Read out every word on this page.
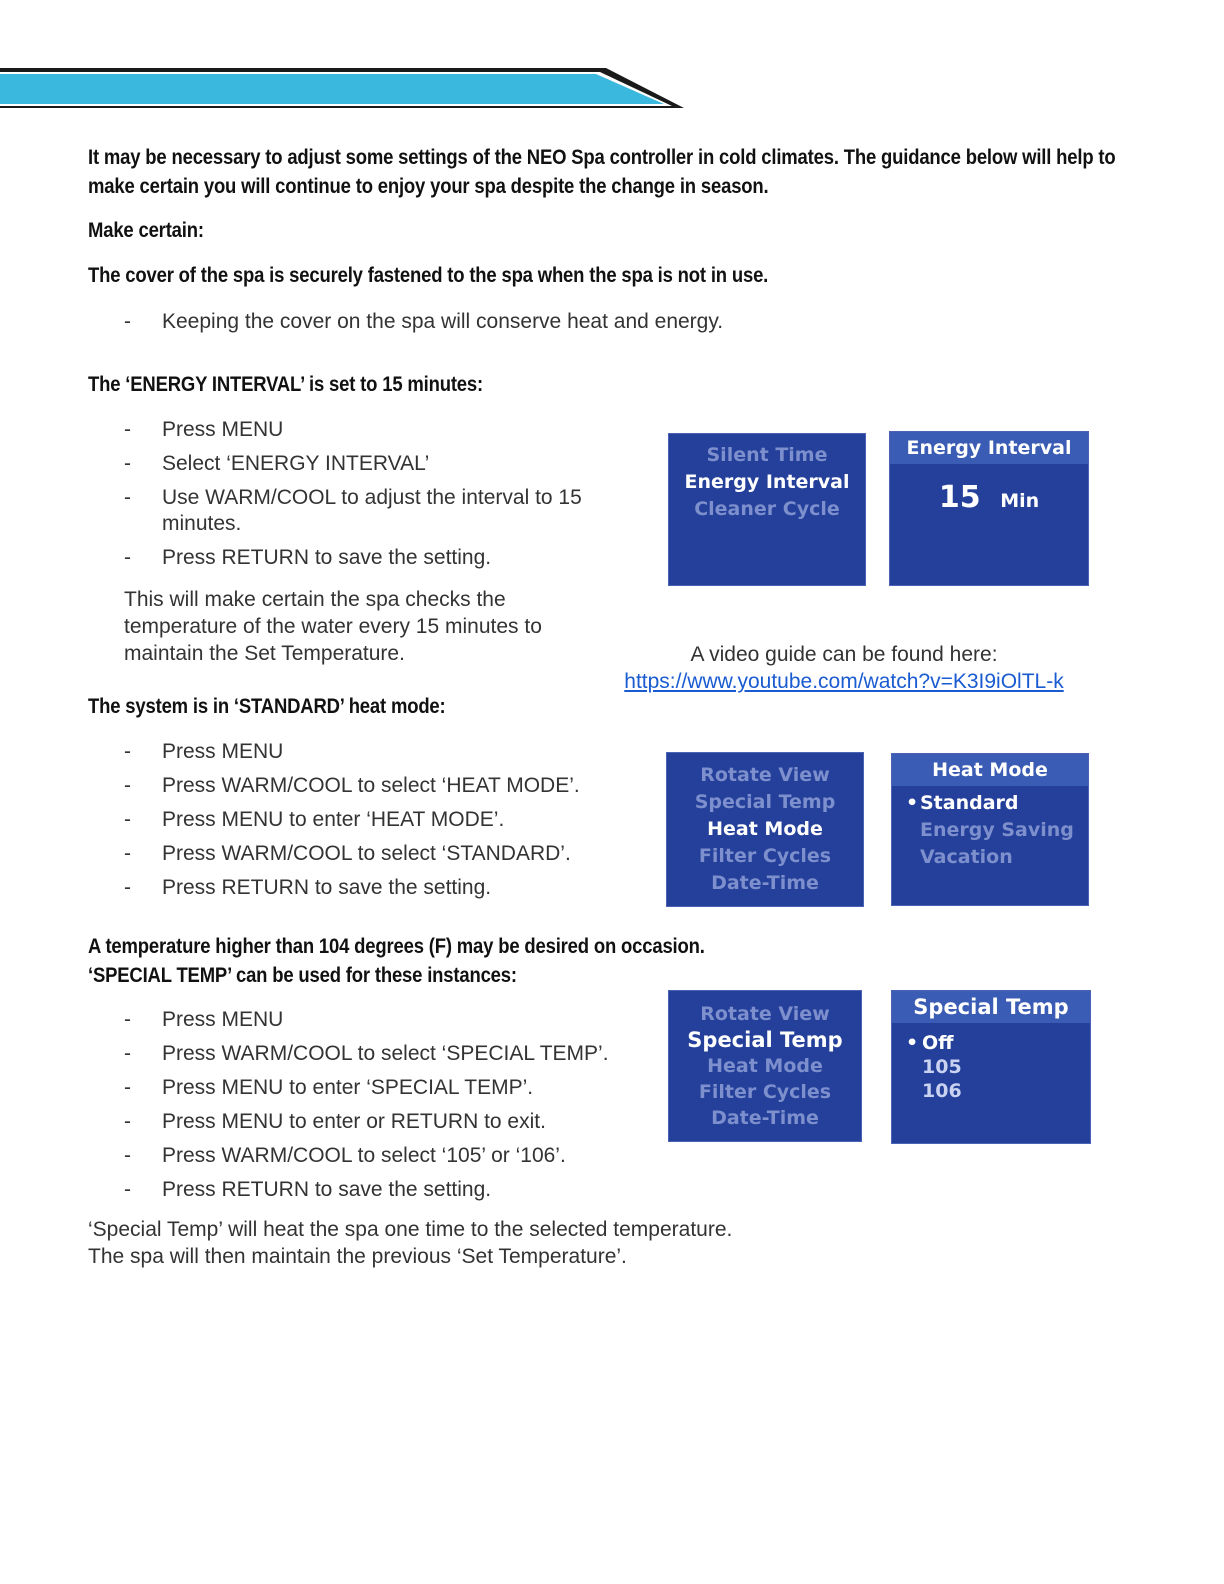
It may be necessary to adjust some settings of the NEO Spa controller in cold climates. The guidance below will help to make certain you will continue to enjoy your spa despite the change in season.
Make certain:
The cover of the spa is securely fastened to the spa when the spa is not in use.
- Keeping the cover on the spa will conserve heat and energy.
The ‘ENERGY INTERVAL’ is set to 15 minutes:
- Press MENU
- Select ‘ENERGY INTERVAL’
- Use WARM/COOL to adjust the interval to 15 minutes.
- Press RETURN to save the setting.
This will make certain the spa checks the temperature of the water every 15 minutes to maintain the Set Temperature.
Silent Time
Energy Interval
Cleaner Cycle
Energy Interval
15 Min
A video guide can be found here:
https://www.youtube.com/watch?v=K3I9iOlTL-k
The system is in ‘STANDARD’ heat mode:
- Press MENU
- Press WARM/COOL to select ‘HEAT MODE’.
- Press MENU to enter ‘HEAT MODE’.
- Press WARM/COOL to select ‘STANDARD’.
- Press RETURN to save the setting.
Rotate View
Special Temp
Heat Mode
Filter Cycles
Date-Time
Heat Mode
•Standard
Energy Saving
Vacation
A temperature higher than 104 degrees (F) may be desired on occasion.
‘SPECIAL TEMP’ can be used for these instances:
- Press MENU
- Press WARM/COOL to select ‘SPECIAL TEMP’.
- Press MENU to enter ‘SPECIAL TEMP’.
- Press MENU to enter or RETURN to exit.
- Press WARM/COOL to select ‘105’ or ‘106’.
- Press RETURN to save the setting.
Rotate View
Special Temp
Heat Mode
Filter Cycles
Date-Time
Special Temp
• Off
105
106
‘Special Temp’ will heat the spa one time to the selected temperature.
The spa will then maintain the previous ‘Set Temperature’.
